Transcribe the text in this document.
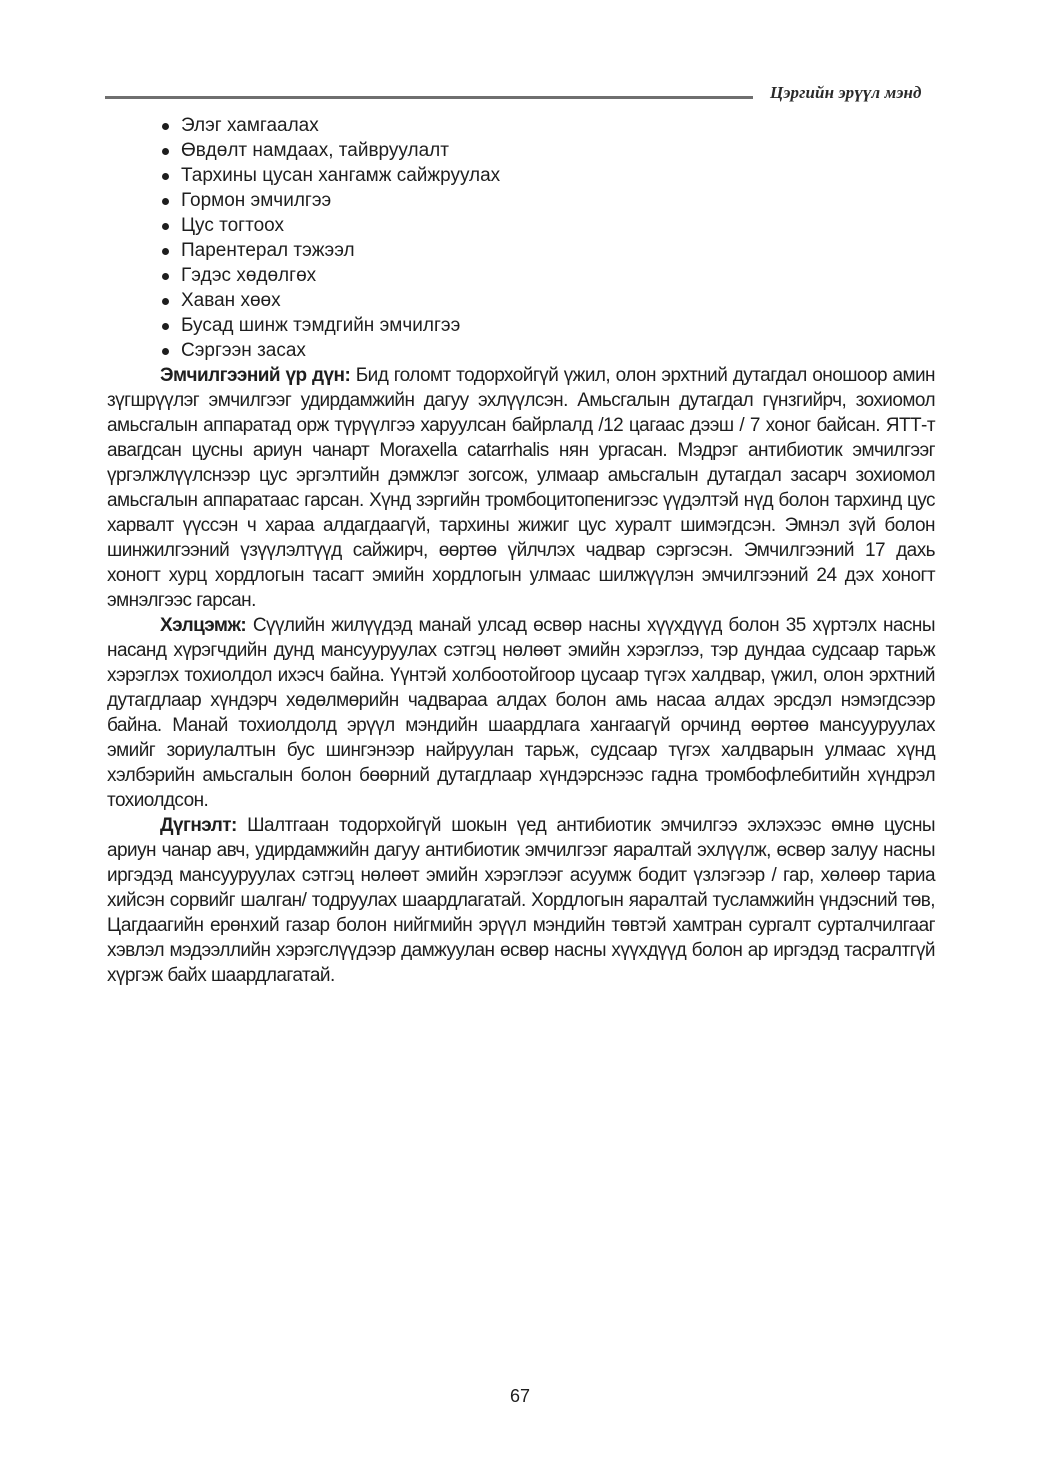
Цэргийн эрүүл мэнд
Элэг хамгаалах
Өвдөлт намдаах, тайвруулалт
Тархины цусан хангамж сайжруулах
Гормон эмчилгээ
Цус тогтоох
Парентерал тэжээл
Гэдэс хөдөлгөх
Хаван хөөх
Бусад шинж тэмдгийн эмчилгээ
Сэргээн засах

Эмчилгээний үр дүн: Бид голомт тодорхойгүй үжил, олон эрхтний дутагдал оношоор амин зүгшрүүлэг эмчилгээг удирдамжийн дагуу эхлүүлсэн. Амьсгалын дутагдал гүнзгийрч, зохиомол амьсгалын аппаратад орж түрүүлгээ харуулсан байрлалд /12 цагаас дээш / 7 хоног байсан. ЯТТ-т авагдсан цусны ариун чанарт Moraxella catarrhalis нян ургасан. Мэдрэг антибиотик эмчилгээг үргэлжлүүлснээр цус эргэлтийн дэмжлэг зогсож, улмаар амьсгалын дутагдал засарч зохиомол амьсгалын аппаратаас гарсан. Хүнд зэргийн тромбоцитопенигээс үүдэлтэй нүд болон тархинд цус харвалт үүссэн ч хараа алдагдаагүй, тархины жижиг цус хуралт шимэгдсэн. Эмнэл зүй болон шинжилгээний үзүүлэлтүүд сайжирч, өөртөө үйлчлэх чадвар сэргэсэн. Эмчилгээний 17 дахь хоногт хурц хордлогын тасагт эмийн хордлогын улмаас шилжүүлэн эмчилгээний 24 дэх хоногт эмнэлгээс гарсан.

Хэлцэмж: Сүүлийн жилүүдэд манай улсад өсвөр насны хүүхдүүд болон 35 хүртэлх насны насанд хүрэгчдийн дунд мансууруулах сэтгэц нөлөөт эмийн хэрэглээ, тэр дундаа судсаар тарьж хэрэглэх тохиолдол ихэсч байна. Үүнтэй холбоотойгоор цусаар түгэх халдвар, үжил, олон эрхтний дутагдлаар хүндэрч хөдөлмөрийн чадвараа алдах болон амь насаа алдах эрсдэл нэмэгдсээр байна. Манай тохиолдолд эрүүл мэндийн шаардлага хангаагүй орчинд өөртөө мансууруулах эмийг зориулалтын бус шингэнээр найруулан тарьж, судсаар түгэх халдварын улмаас хүнд хэлбэрийн амьсгалын болон бөөрний дутагдлаар хүндэрснээс гадна тромбофлебитийн хүндрэл тохиолдсон.

Дүгнэлт: Шалтгаан тодорхойгүй шокын үед антибиотик эмчилгээ эхлэхээс өмнө цусны ариун чанар авч, удирдамжийн дагуу антибиотик эмчилгээг яаралтай эхлүүлж, өсвөр залуу насны иргэдэд мансууруулах сэтгэц нөлөөт эмийн хэрэглээг асуумж бодит үзлэгээр / гар, хөлөөр тариа хийсэн сорвийг шалган/ тодруулах шаардлагатай. Хордлогын яаралтай тусламжийн үндэсний төв, Цагдаагийн ерөнхий газар болон нийгмийн эрүүл мэндийн төвтэй хамтран сургалт сурталчилгааг хэвлэл мэдээллийн хэрэгслүүдээр дамжуулан өсвөр насны хүүхдүүд болон ар иргэдэд тасралтгүй хүргэж байх шаардлагатай.

67
